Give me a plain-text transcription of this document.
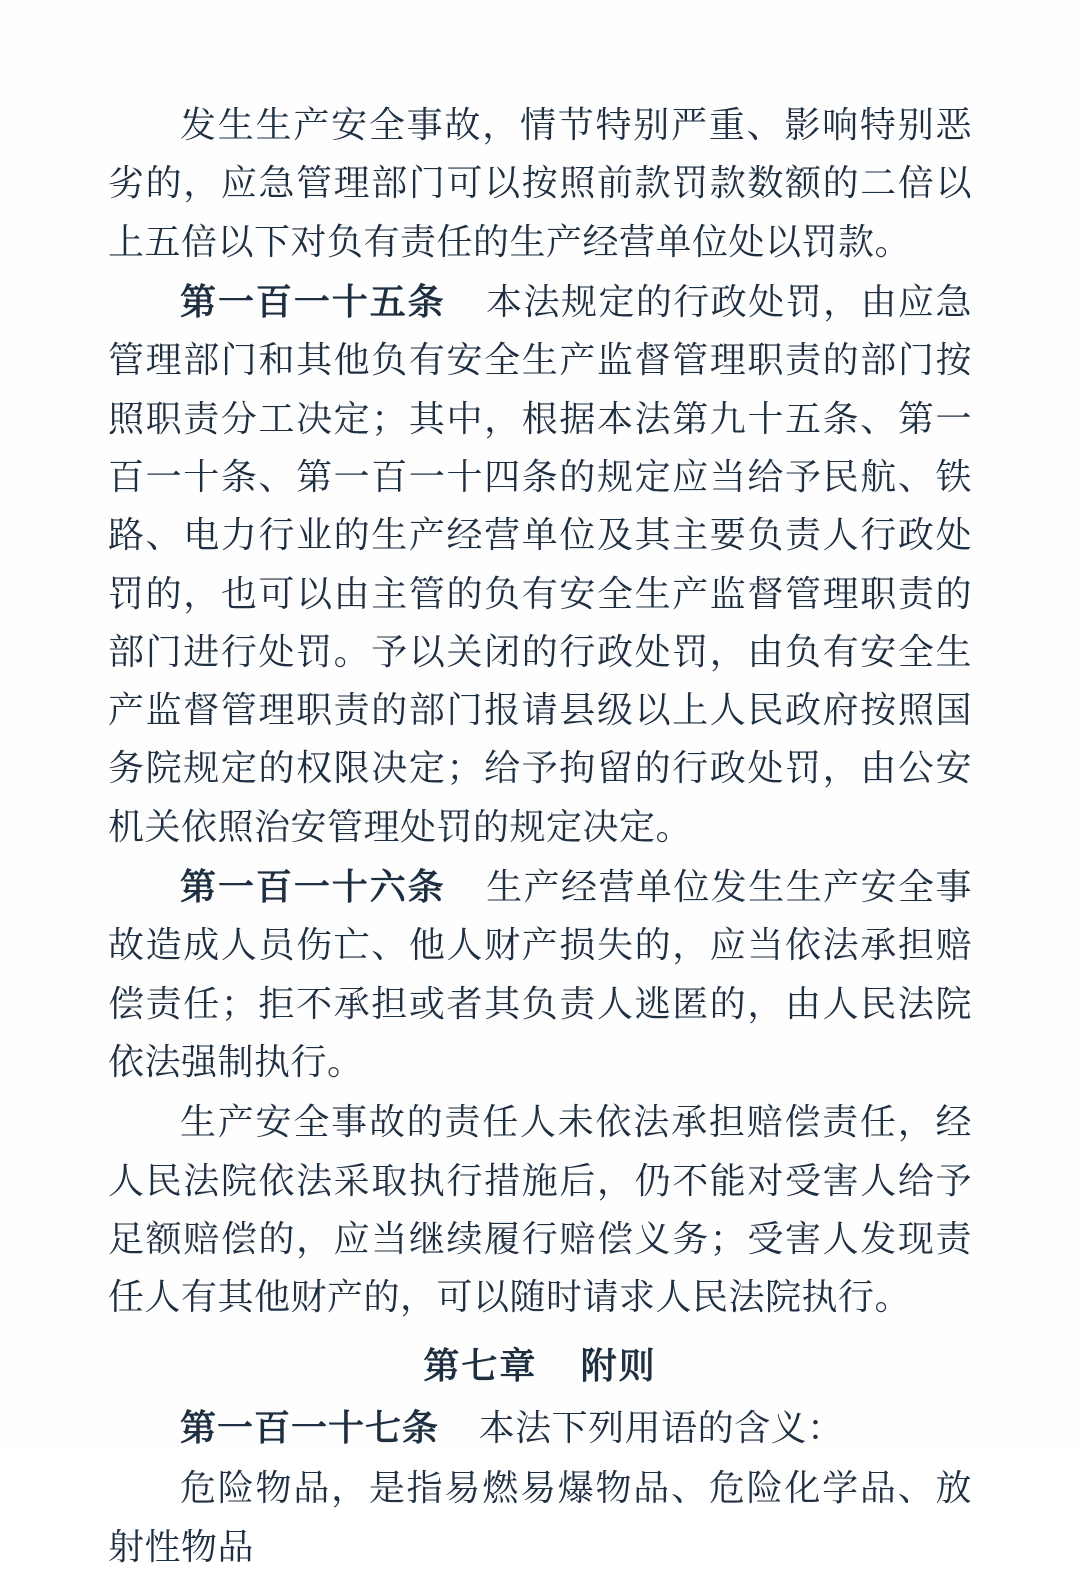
发生生产安全事故，情节特别严重、影响特别恶劣的，应急管理部门可以按照前款罚款数额的二倍以上五倍以下对负有责任的生产经营单位处以罚款。

第一百一十五条 本法规定的行政处罚，由应急管理部门和其他负有安全生产监督管理职责的部门按照职责分工决定；其中，根据本法第九十五条、第一百一十条、第一百一十四条的规定应当给予民航、铁路、电力行业的生产经营单位及其主要负责人行政处罚的，也可以由主管的负有安全生产监督管理职责的部门进行处罚。予以关闭的行政处罚，由负有安全生产监督管理职责的部门报请县级以上人民政府按照国务院规定的权限决定；给予拘留的行政处罚，由公安机关依照治安管理处罚的规定决定。

第一百一十六条 生产经营单位发生生产安全事故造成人员伤亡、他人财产损失的，应当依法承担赔偿责任；拒不承担或者其负责人逃匿的，由人民法院依法强制执行。

生产安全事故的责任人未依法承担赔偿责任，经人民法院依法采取执行措施后，仍不能对受害人给予足额赔偿的，应当继续履行赔偿义务；受害人发现责任人有其他财产的，可以随时请求人民法院执行。

第七章 附则

第一百一十七条 本法下列用语的含义：

危险物品，是指易燃易爆物品、危险化学品、放射性物品
